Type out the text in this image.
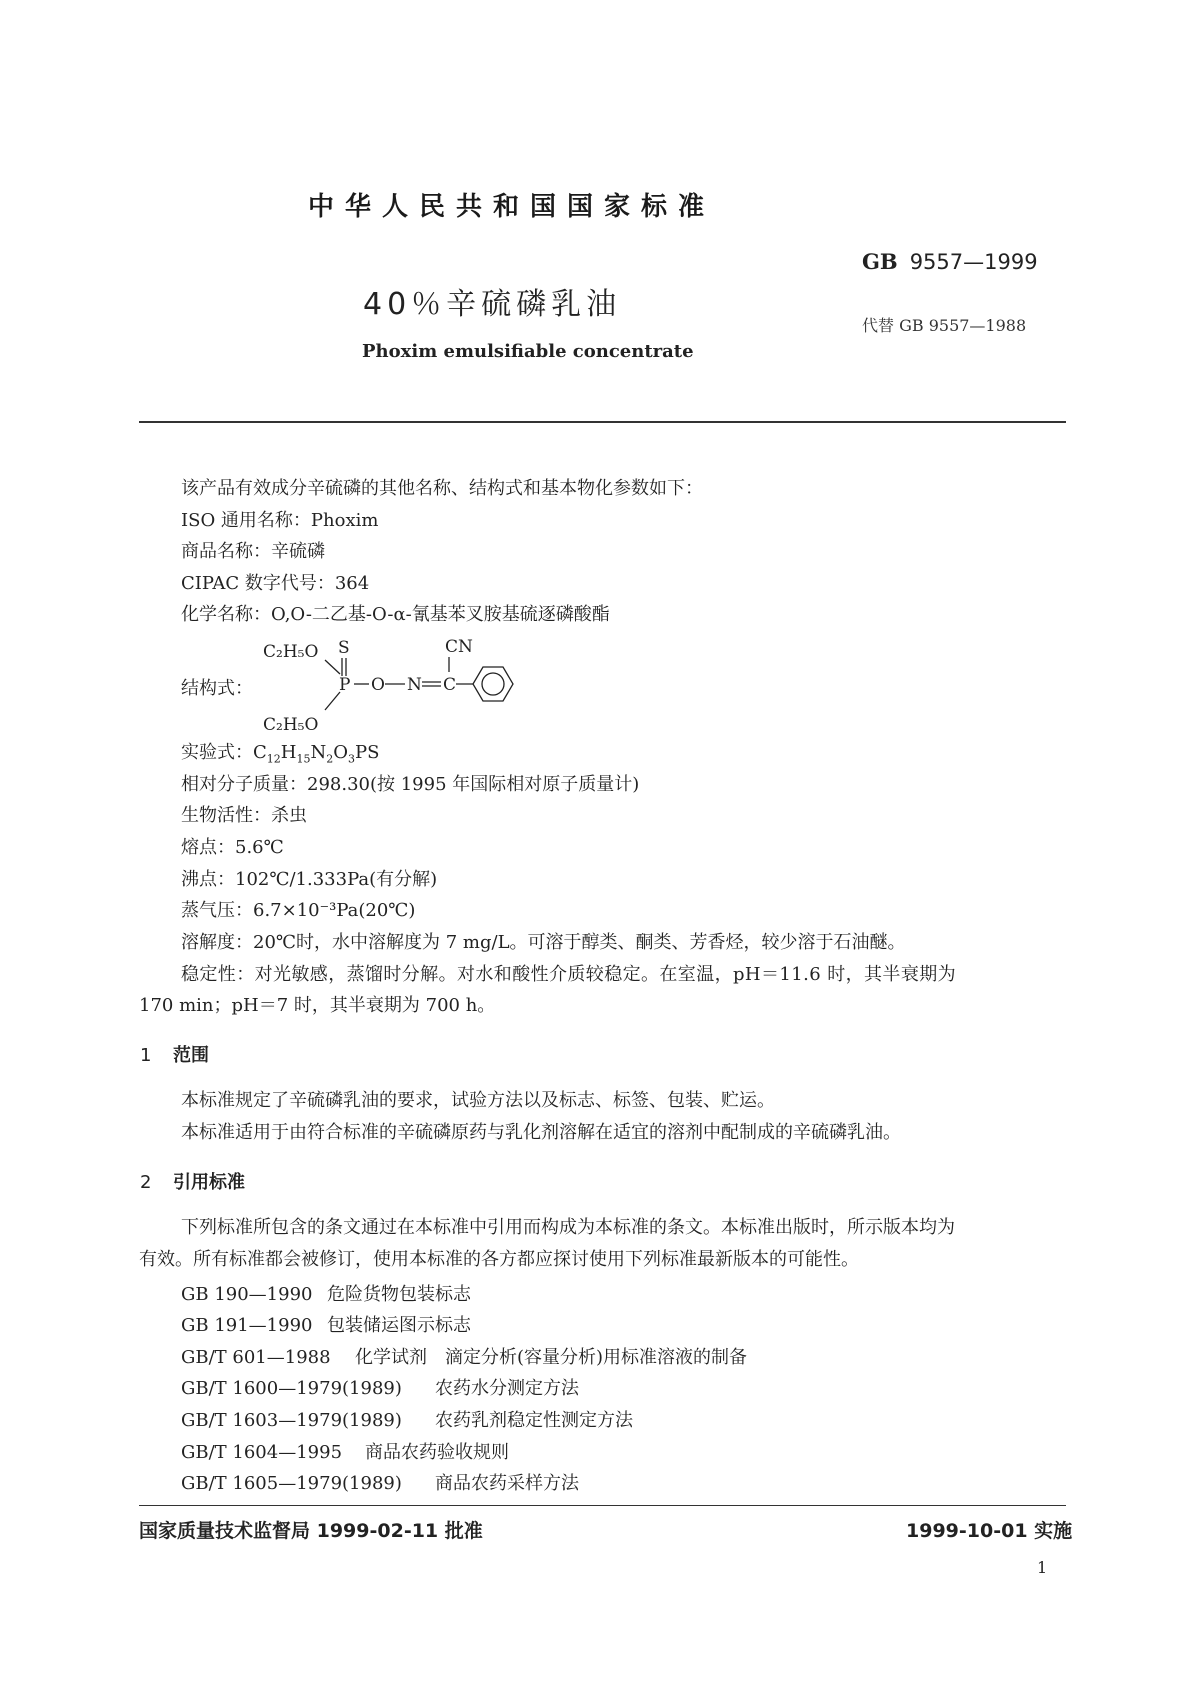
中华人民共和国国家标准
GB 9557—1999
40％辛硫磷乳油
代替 GB 9557—1988
Phoxim emulsifiable concentrate
该产品有效成分辛硫磷的其他名称、结构式和基本物化参数如下：
ISO 通用名称：Phoxim
商品名称：辛硫磷
CIPAC 数字代号：364
化学名称：O,O-二乙基-O-α-氰基苯叉胺基硫逐磷酸酯
结构式：
C₂H₅O S
P O N C
CN
C₂H₅O
实验式：$C_{12}H_{15}N_2O_3PS$
相对分子质量：298.30(按 1995 年国际相对原子质量计)
生物活性：杀虫
熔点：5.6℃
沸点：102℃/1.333Pa(有分解)
蒸气压：6.7×10⁻³Pa(20℃)
溶解度：20℃时，水中溶解度为 7 mg/L。可溶于醇类、酮类、芳香烃，较少溶于石油醚。
稳定性：对光敏感，蒸馏时分解。对水和酸性介质较稳定。在室温，pH＝11.6 时，其半衰期为
170 min；pH＝7 时，其半衰期为 700 h。
1 范围
本标准规定了辛硫磷乳油的要求，试验方法以及标志、标签、包装、贮运。
本标准适用于由符合标准的辛硫磷原药与乳化剂溶解在适宜的溶剂中配制成的辛硫磷乳油。
2 引用标准
下列标准所包含的条文通过在本标准中引用而构成为本标准的条文。本标准出版时，所示版本均为
有效。所有标准都会被修订，使用本标准的各方都应探讨使用下列标准最新版本的可能性。
GB 190—1990 危险货物包装标志
GB 191—1990 包装储运图示标志
GB/T 601—1988 化学试剂　滴定分析(容量分析)用标准溶液的制备
GB/T 1600—1979(1989) 农药水分测定方法
GB/T 1603—1979(1989) 农药乳剂稳定性测定方法
GB/T 1604—1995 商品农药验收规则
GB/T 1605—1979(1989) 商品农药采样方法
国家质量技术监督局 1999-02-11 批准	1999-10-01 实施
1
